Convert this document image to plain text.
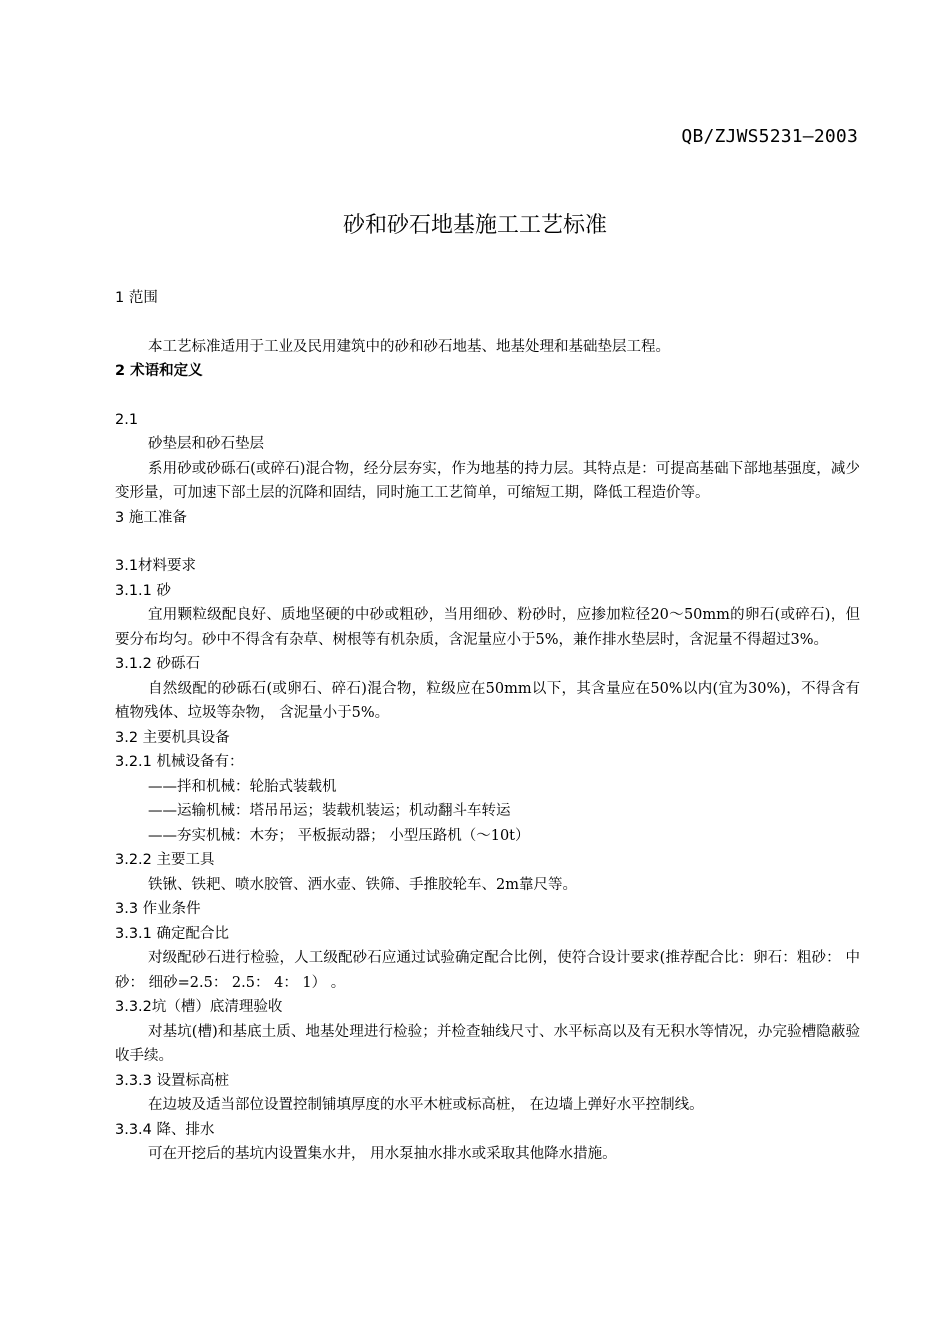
QB/ZJWS5231—2003
砂和砂石地基施工工艺标准
1 范围
本工艺标准适用于工业及民用建筑中的砂和砂石地基、地基处理和基础垫层工程。
2 术语和定义
2.1
砂垫层和砂石垫层
系用砂或砂砾石(或碎石)混合物，经分层夯实，作为地基的持力层。其特点是：可提高基础下部地基强度，减少变形量，可加速下部土层的沉降和固结，同时施工工艺简单，可缩短工期，降低工程造价等。
3 施工准备
3.1材料要求
3.1.1 砂
宜用颗粒级配良好、质地坚硬的中砂或粗砂，当用细砂、粉砂时，应掺加粒径20～50mm的卵石(或碎石)，但要分布均匀。砂中不得含有杂草、树根等有机杂质，含泥量应小于5%，兼作排水垫层时，含泥量不得超过3%。
3.1.2 砂砾石
自然级配的砂砾石(或卵石、碎石)混合物，粒级应在50mm以下，其含量应在50%以内(宜为30%)，不得含有植物残体、垃圾等杂物， 含泥量小于5%。
3.2 主要机具设备
3.2.1 机械设备有：
——拌和机械：轮胎式装载机
——运输机械：塔吊吊运；装载机装运；机动翻斗车转运
——夯实机械：木夯； 平板振动器； 小型压路机（～10t）
3.2.2 主要工具
铁锹、铁耙、喷水胶管、洒水壶、铁筛、手推胶轮车、2m靠尺等。
3.3 作业条件
3.3.1 确定配合比
对级配砂石进行检验，人工级配砂石应通过试验确定配合比例，使符合设计要求(推荐配合比：卵石：粗砂： 中砂： 细砂=2.5： 2.5： 4： 1） 。
3.3.2坑（槽）底清理验收
对基坑(槽)和基底土质、地基处理进行检验；并检查轴线尺寸、水平标高以及有无积水等情况，办完验槽隐蔽验收手续。
3.3.3 设置标高桩
在边坡及适当部位设置控制铺填厚度的水平木桩或标高桩， 在边墙上弹好水平控制线。
3.3.4 降、排水
可在开挖后的基坑内设置集水井， 用水泵抽水排水或采取其他降水措施。
